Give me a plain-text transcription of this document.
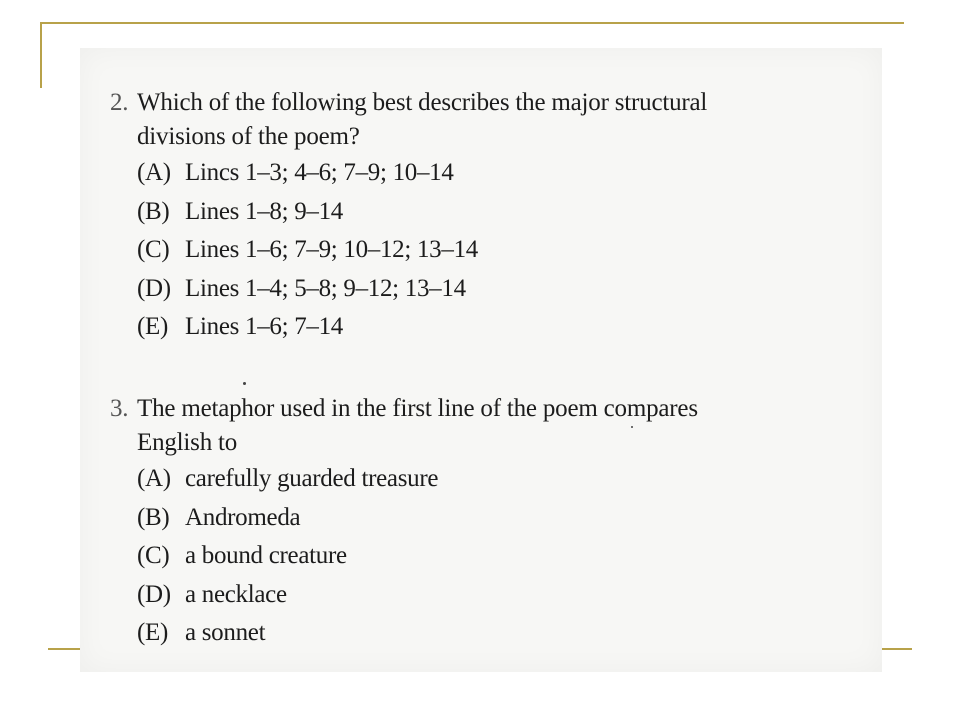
2. Which of the following best describes the major structural divisions of the poem?
(A) Lincs 1–3; 4–6; 7–9; 10–14
(B) Lines 1–8; 9–14
(C) Lines 1–6; 7–9; 10–12; 13–14
(D) Lines 1–4; 5–8; 9–12; 13–14
(E) Lines 1–6; 7–14
3. The metaphor used in the first line of the poem compares English to
(A) carefully guarded treasure
(B) Andromeda
(C) a bound creature
(D) a necklace
(E) a sonnet
